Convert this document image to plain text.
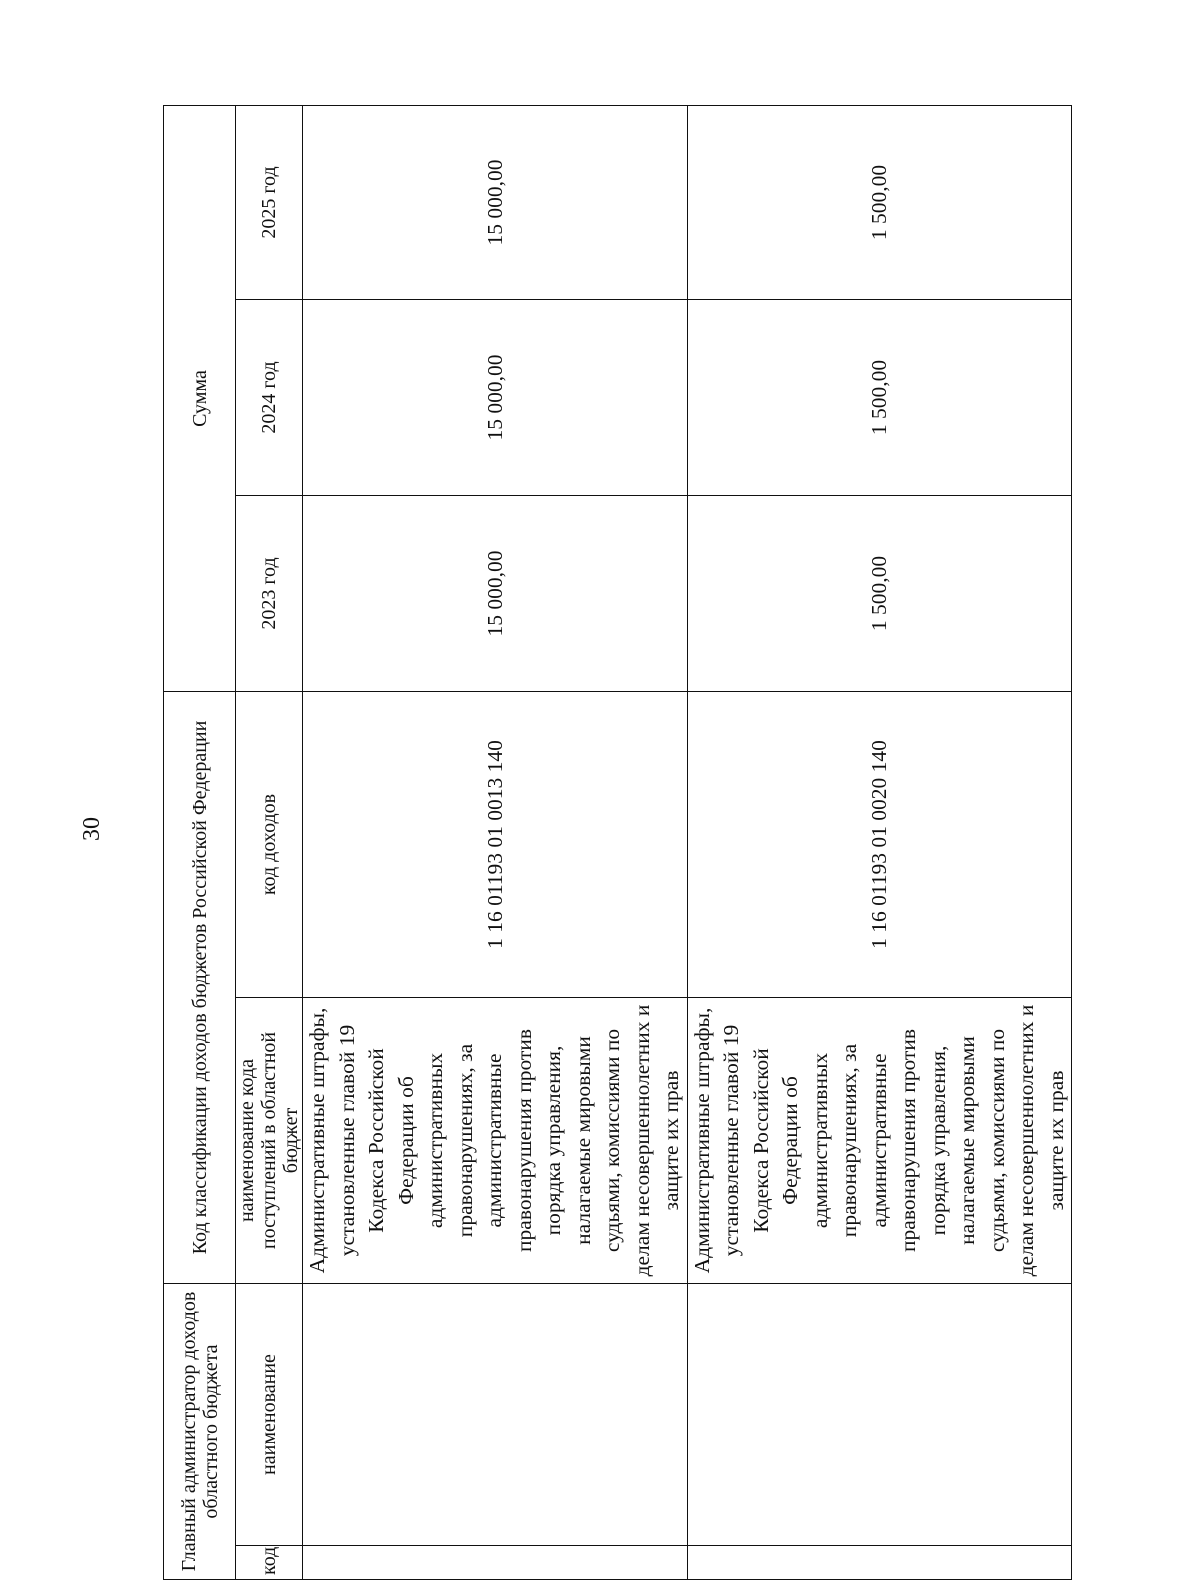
30
Главный администратор доходов областного бюджета		Код классификации доходов бюджетов Российской Федерации		Сумма		
код	наименование	наименование кода поступлений в областной бюджет	код доходов	2023 год	2024 год	2025 год
		Административные штрафы, установленные главой 19 Кодекса Российской Федерации об административных правонарушениях, за административные правонарушения против порядка управления, налагаемые мировыми судьями, комиссиями по делам несовершеннолетних и защите их прав	1 16 01193 01 0013 140	15 000,00	15 000,00	15 000,00
		Административные штрафы, установленные главой 19 Кодекса Российской Федерации об административных правонарушениях, за административные правонарушения против порядка управления, налагаемые мировыми судьями, комиссиями по делам несовершеннолетних и защите их прав	1 16 01193 01 0020 140	1 500,00	1 500,00	1 500,00
